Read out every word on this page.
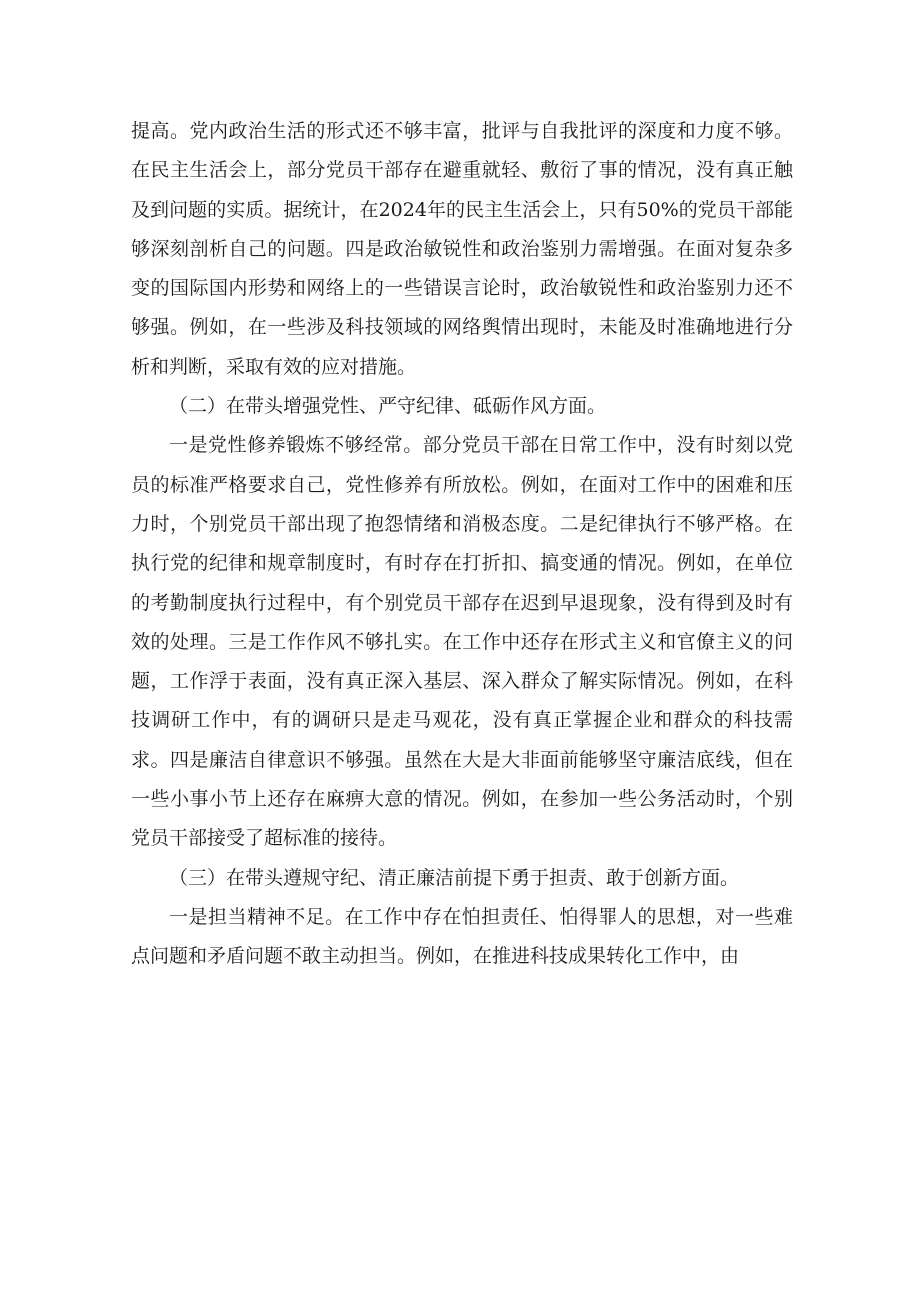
提高。党内政治生活的形式还不够丰富，批评与自我批评的深度和力度不够。在民主生活会上，部分党员干部存在避重就轻、敷衍了事的情况，没有真正触及到问题的实质。据统计，在2024年的民主生活会上，只有50%的党员干部能够深刻剖析自己的问题。四是政治敏锐性和政治鉴别力需增强。在面对复杂多变的国际国内形势和网络上的一些错误言论时，政治敏锐性和政治鉴别力还不够强。例如，在一些涉及科技领域的网络舆情出现时，未能及时准确地进行分析和判断，采取有效的应对措施。

（二）在带头增强党性、严守纪律、砥砺作风方面。

一是党性修养锻炼不够经常。部分党员干部在日常工作中，没有时刻以党员的标准严格要求自己，党性修养有所放松。例如，在面对工作中的困难和压力时，个别党员干部出现了抱怨情绪和消极态度。二是纪律执行不够严格。在执行党的纪律和规章制度时，有时存在打折扣、搞变通的情况。例如，在单位的考勤制度执行过程中，有个别党员干部存在迟到早退现象，没有得到及时有效的处理。三是工作作风不够扎实。在工作中还存在形式主义和官僚主义的问题，工作浮于表面，没有真正深入基层、深入群众了解实际情况。例如，在科技调研工作中，有的调研只是走马观花，没有真正掌握企业和群众的科技需求。四是廉洁自律意识不够强。虽然在大是大非面前能够坚守廉洁底线，但在一些小事小节上还存在麻痹大意的情况。例如，在参加一些公务活动时，个别党员干部接受了超标准的接待。

（三）在带头遵规守纪、清正廉洁前提下勇于担责、敢于创新方面。

一是担当精神不足。在工作中存在怕担责任、怕得罪人的思想，对一些难点问题和矛盾问题不敢主动担当。例如，在推进科技成果转化工作中，由
